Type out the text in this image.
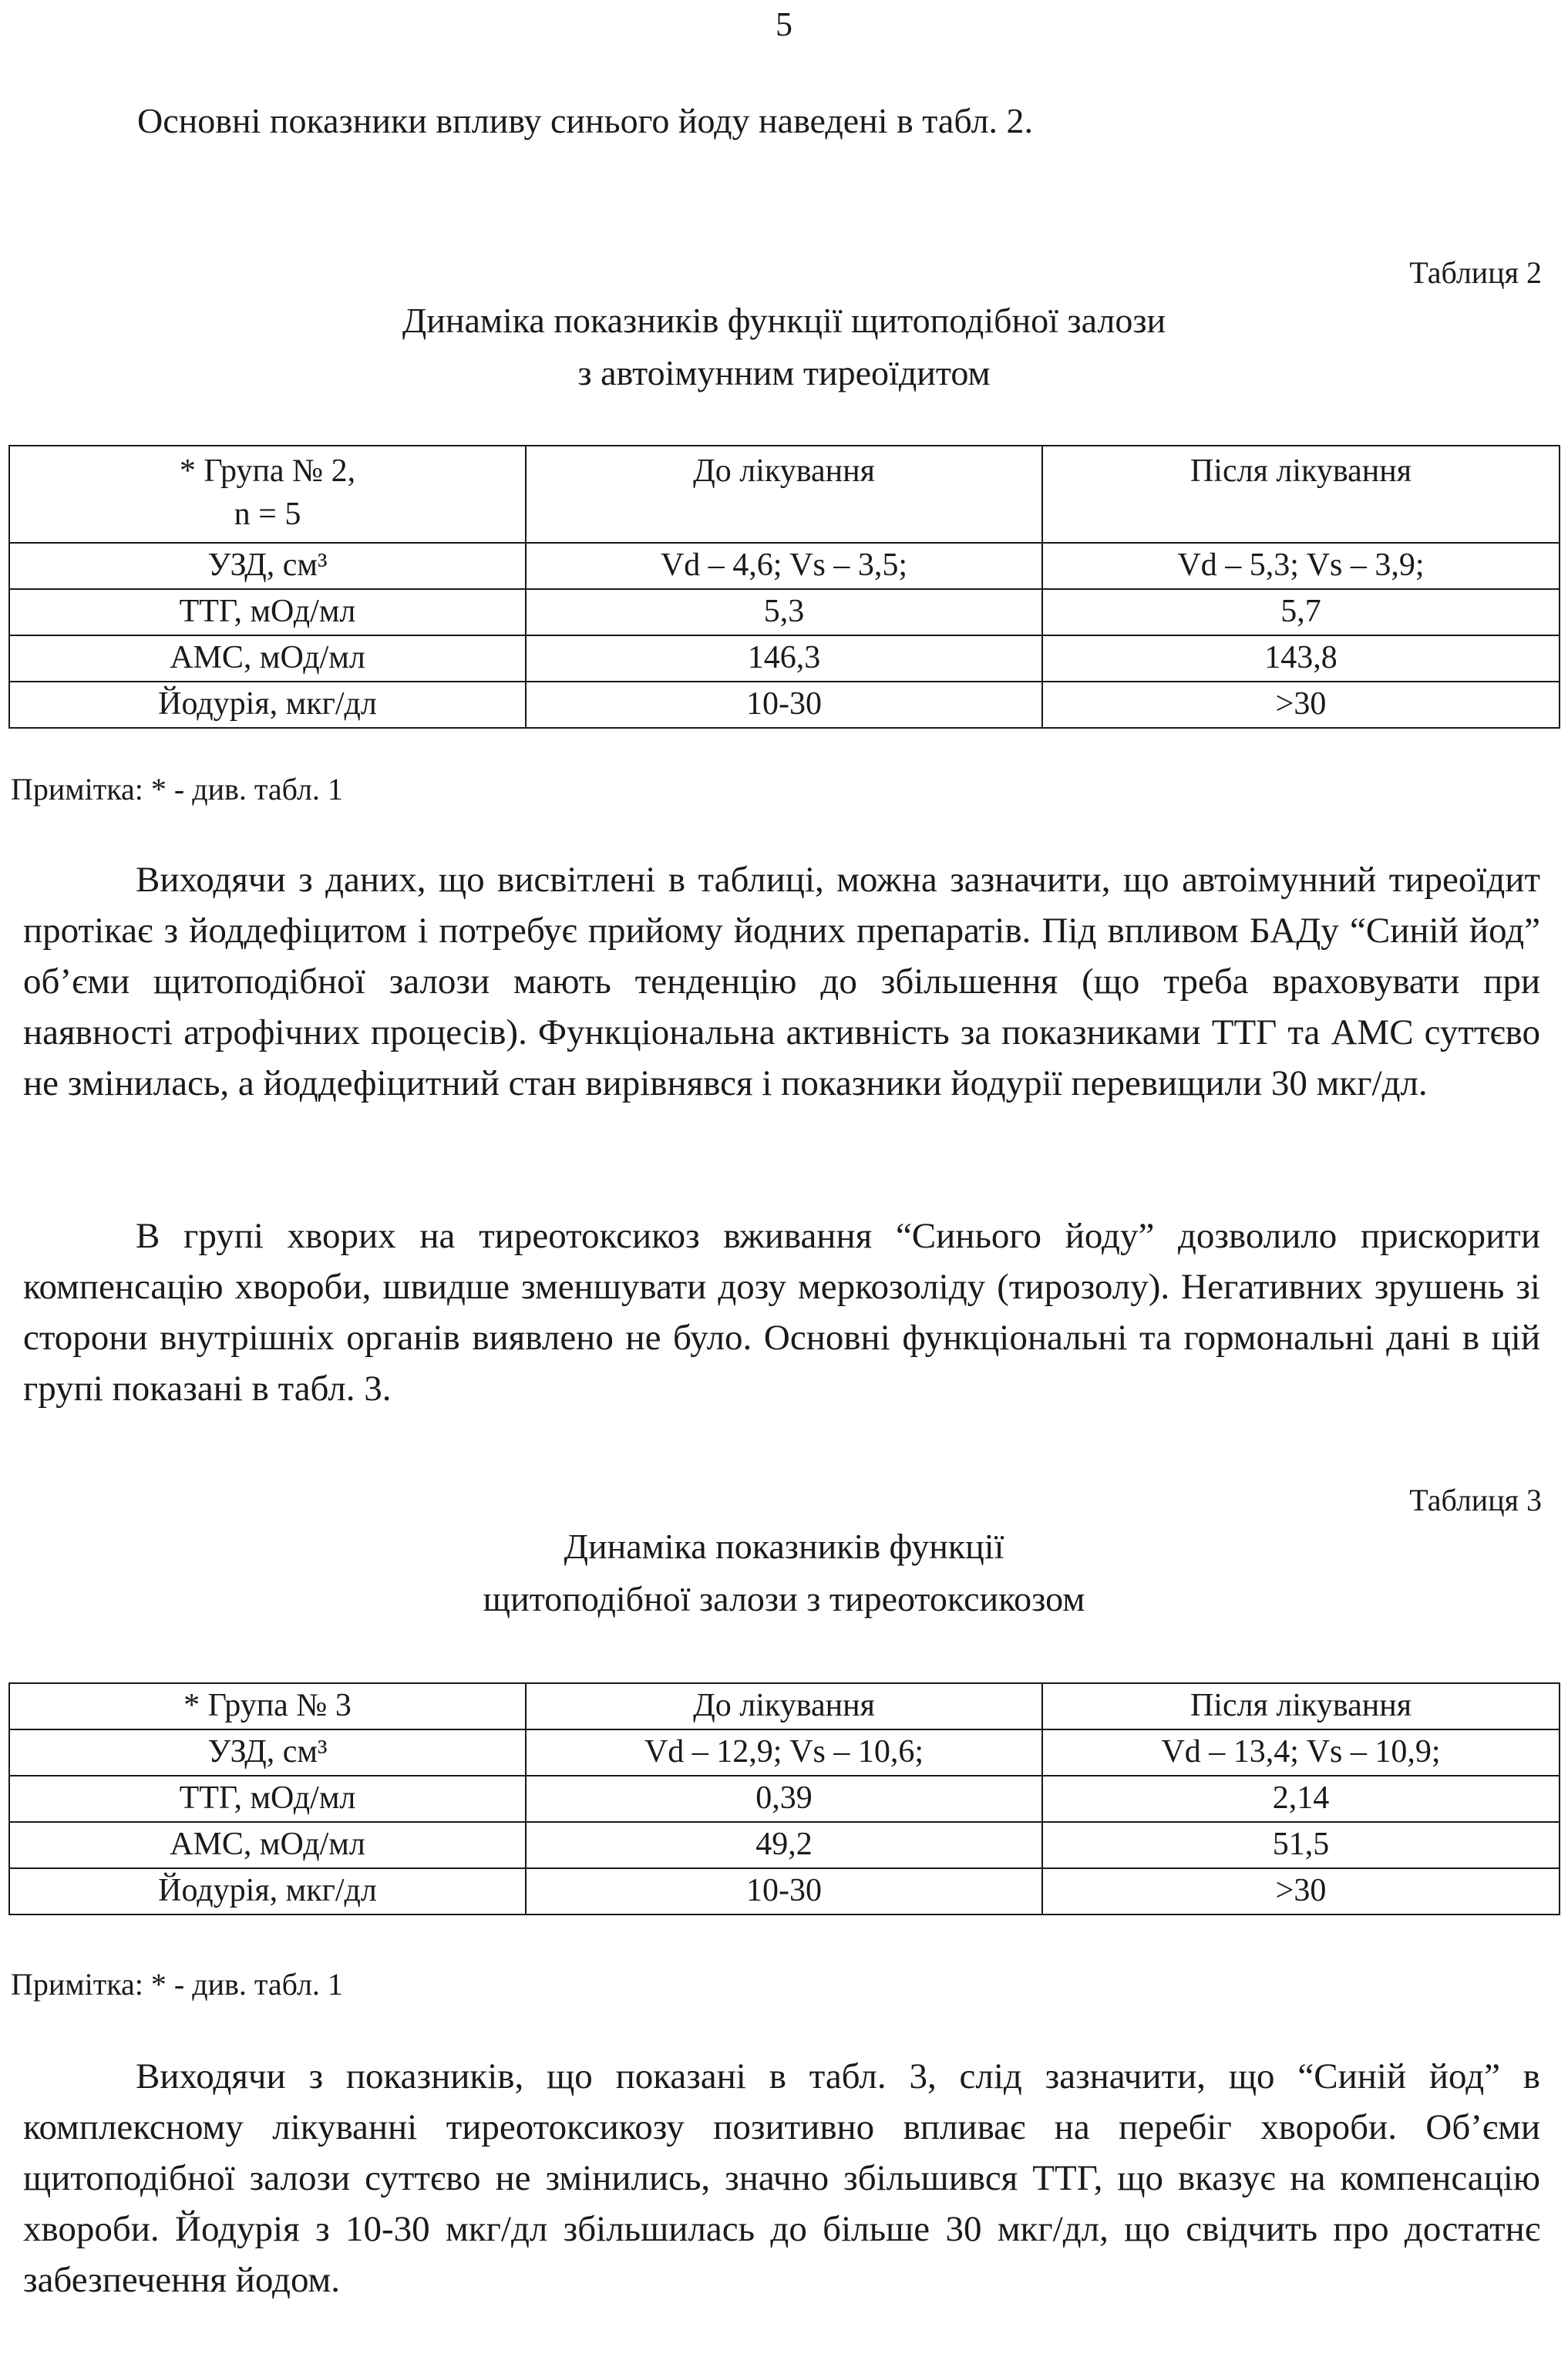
5
Основні показники впливу синього йоду наведені в табл. 2.
Таблиця 2
Динаміка показників функції щитоподібної залози
з автоімунним тиреоїдитом
* Група № 2,
n = 5	До лікування	Після лікування
УЗД, см³	Vd – 4,6; Vs – 3,5;	Vd – 5,3; Vs – 3,9;
ТТГ, мОд/мл	5,3	5,7
АМС, мОд/мл	146,3	143,8
Йодурія, мкг/дл	10-30	>30
Примітка: * - див. табл. 1
Виходячи з даних, що висвітлені в таблиці, можна зазначити, що автоімунний тиреоїдит протікає з йоддефіцитом і потребує прийому йодних препаратів. Під впливом БАДу “Синій йод” об’єми щитоподібної залози мають тенденцію до збільшення (що треба враховувати при наявності атрофічних процесів). Функціональна активність за показниками ТТГ та АМС суттєво не змінилась, а йоддефіцитний стан вирівнявся і показники йодурії перевищили 30 мкг/дл.
В групі хворих на тиреотоксикоз вживання “Синього йоду” дозволило прискорити компенсацію хвороби, швидше зменшувати дозу меркозоліду (тирозолу). Негативних зрушень зі сторони внутрішніх органів виявлено не було. Основні функціональні та гормональні дані в цій групі показані в табл. 3.
Таблиця 3
Динаміка показників функції
щитоподібної залози з тиреотоксикозом
* Група № 3	До лікування	Після лікування
УЗД, см³	Vd – 12,9; Vs – 10,6;	Vd – 13,4; Vs – 10,9;
ТТГ, мОд/мл	0,39	2,14
АМС, мОд/мл	49,2	51,5
Йодурія, мкг/дл	10-30	>30
Примітка: * - див. табл. 1
Виходячи з показників, що показані в табл. 3, слід зазначити, що “Синій йод” в комплексному лікуванні тиреотоксикозу позитивно впливає на перебіг хвороби. Об’єми щитоподібної залози суттєво не змінились, значно збільшився ТТГ, що вказує на компенсацію хвороби. Йодурія з 10-30 мкг/дл збільшилась до більше 30 мкг/дл, що свідчить про достатнє забезпечення йодом.
